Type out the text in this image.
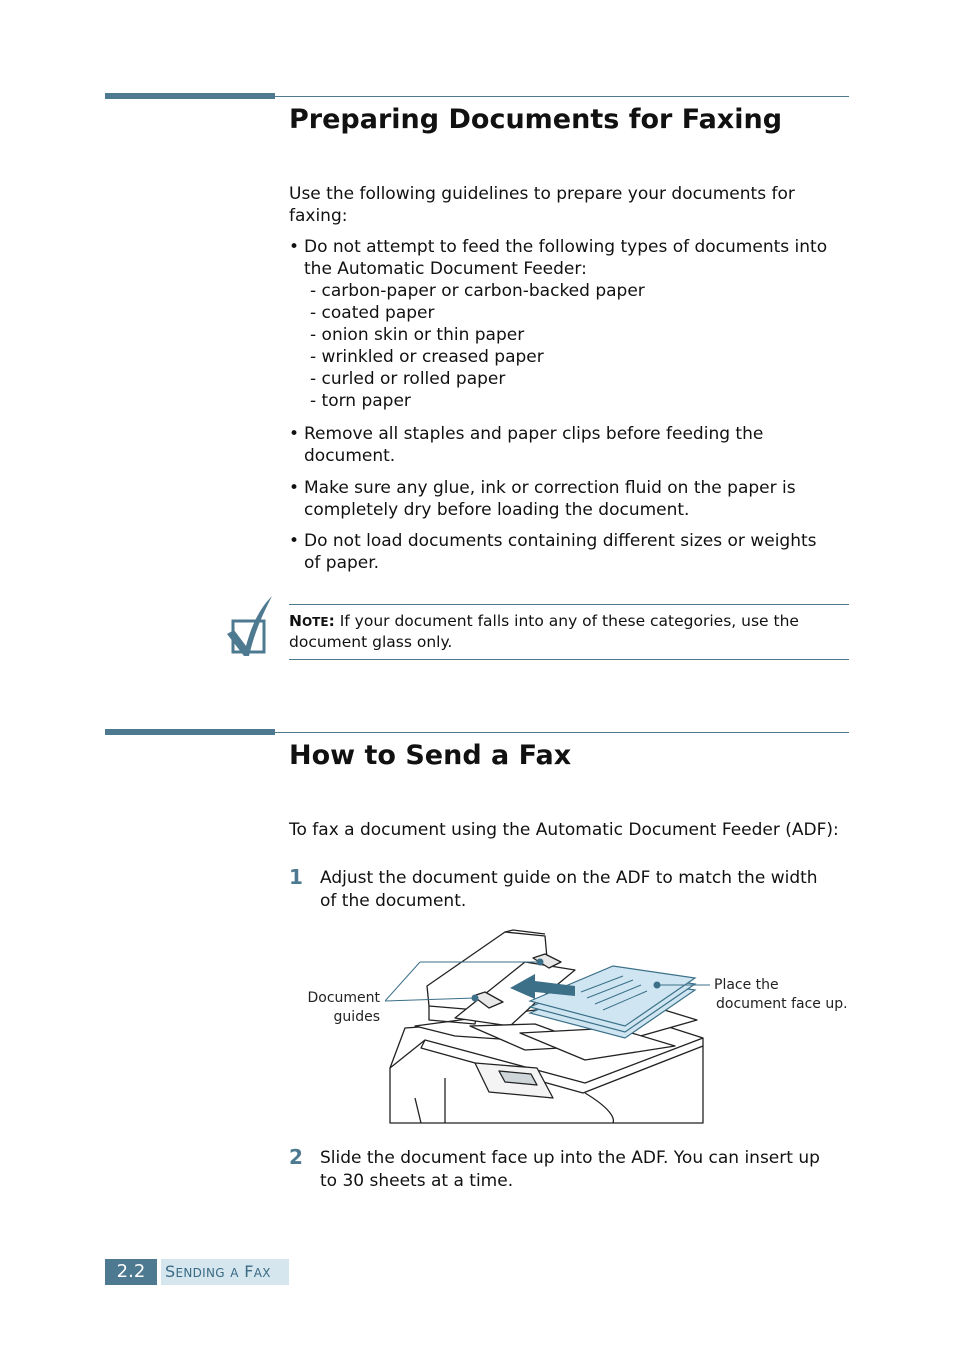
Preparing Documents for Faxing
Use the following guidelines to prepare your documents for
faxing:
• Do not attempt to feed the following types of documents into
the Automatic Document Feeder:
- carbon-paper or carbon-backed paper
- coated paper
- onion skin or thin paper
- wrinkled or creased paper
- curled or rolled paper
- torn paper
• Remove all staples and paper clips before feeding the
document.
• Make sure any glue, ink or correction fluid on the paper is
completely dry before loading the document.
• Do not load documents containing different sizes or weights
of paper.
NOTE: If your document falls into any of these categories, use the
document glass only.
How to Send a Fax
To fax a document using the Automatic Document Feeder (ADF):
1 Adjust the document guide on the ADF to match the width
of the document.
Document
guides
Place the
document face up.
2 Slide the document face up into the ADF. You can insert up
to 30 sheets at a time.
2.2	SENDING A FAX
